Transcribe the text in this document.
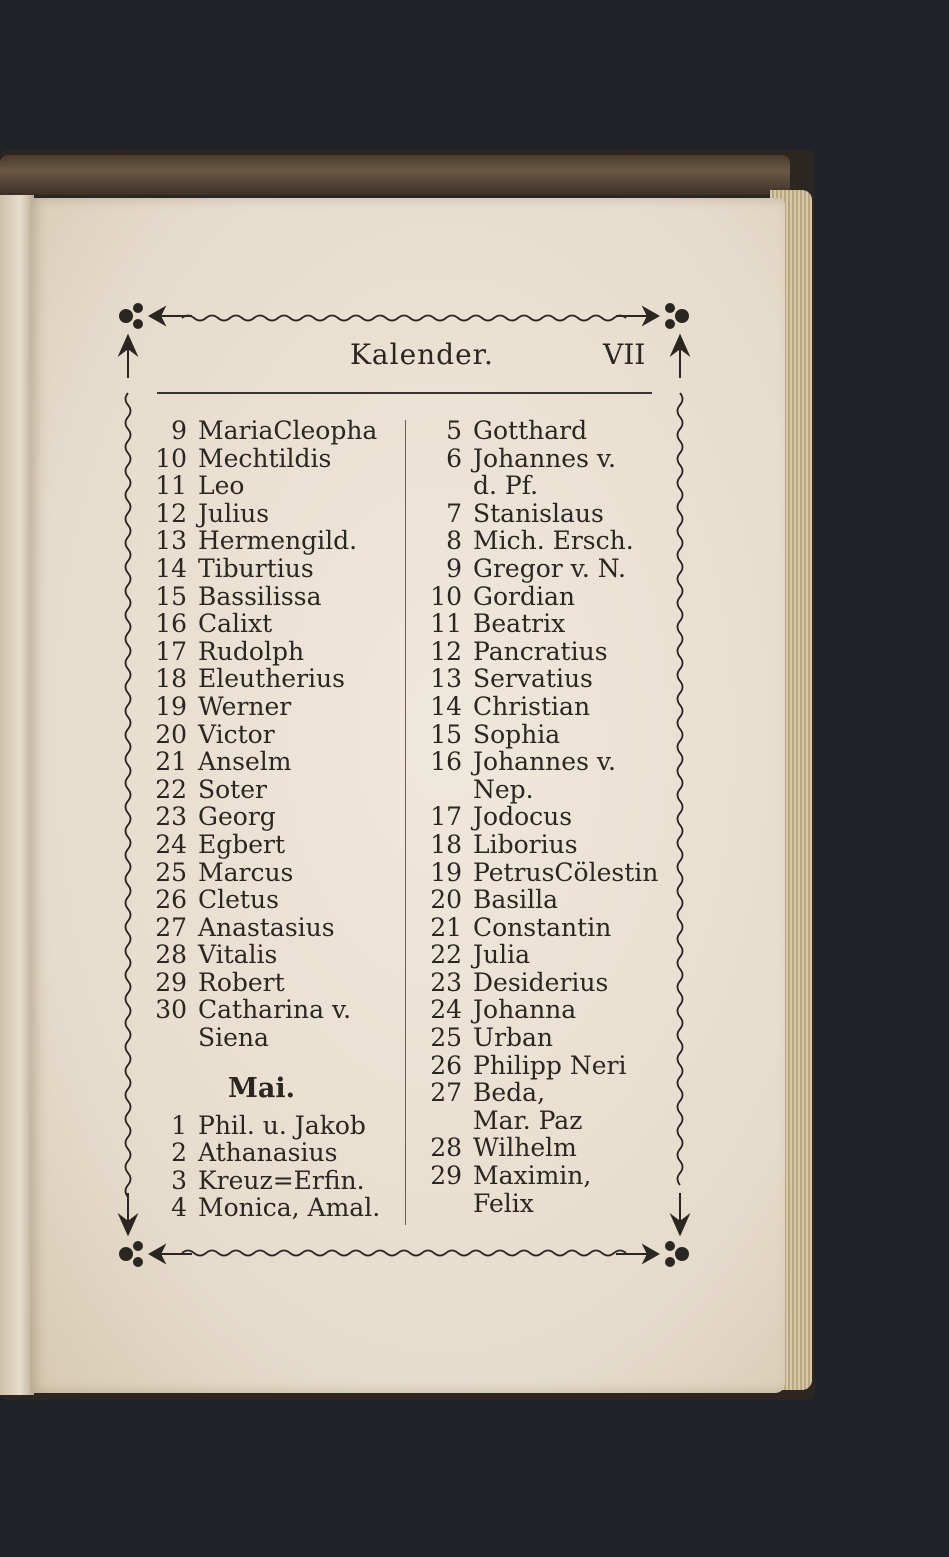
Kalender.	VII
9 MariaCleopha
10 Mechtildis
11 Leo
12 Julius
13 Hermengild.
14 Tiburtius
15 Bassilissa
16 Calixt
17 Rudolph
18 Eleutherius
19 Werner
20 Victor
21 Anselm
22 Soter
23 Georg
24 Egbert
25 Marcus
26 Cletus
27 Anastasius
28 Vitalis
29 Robert
30 Catharina v.
Siena
Mai.
1 Phil. u. Jakob
2 Athanasius
3 Kreuz=Erfin.
4 Monica, Amal.
5 Gotthard
6 Johannes v.
d. Pf.
7 Stanislaus
8 Mich. Ersch.
9 Gregor v. N.
10 Gordian
11 Beatrix
12 Pancratius
13 Servatius
14 Christian
15 Sophia
16 Johannes v.
Nep.
17 Jodocus
18 Liborius
19 PetrusCölestin
20 Basilla
21 Constantin
22 Julia
23 Desiderius
24 Johanna
25 Urban
26 Philipp Neri
27 Beda,
Mar. Paz
28 Wilhelm
29 Maximin,
Felix
